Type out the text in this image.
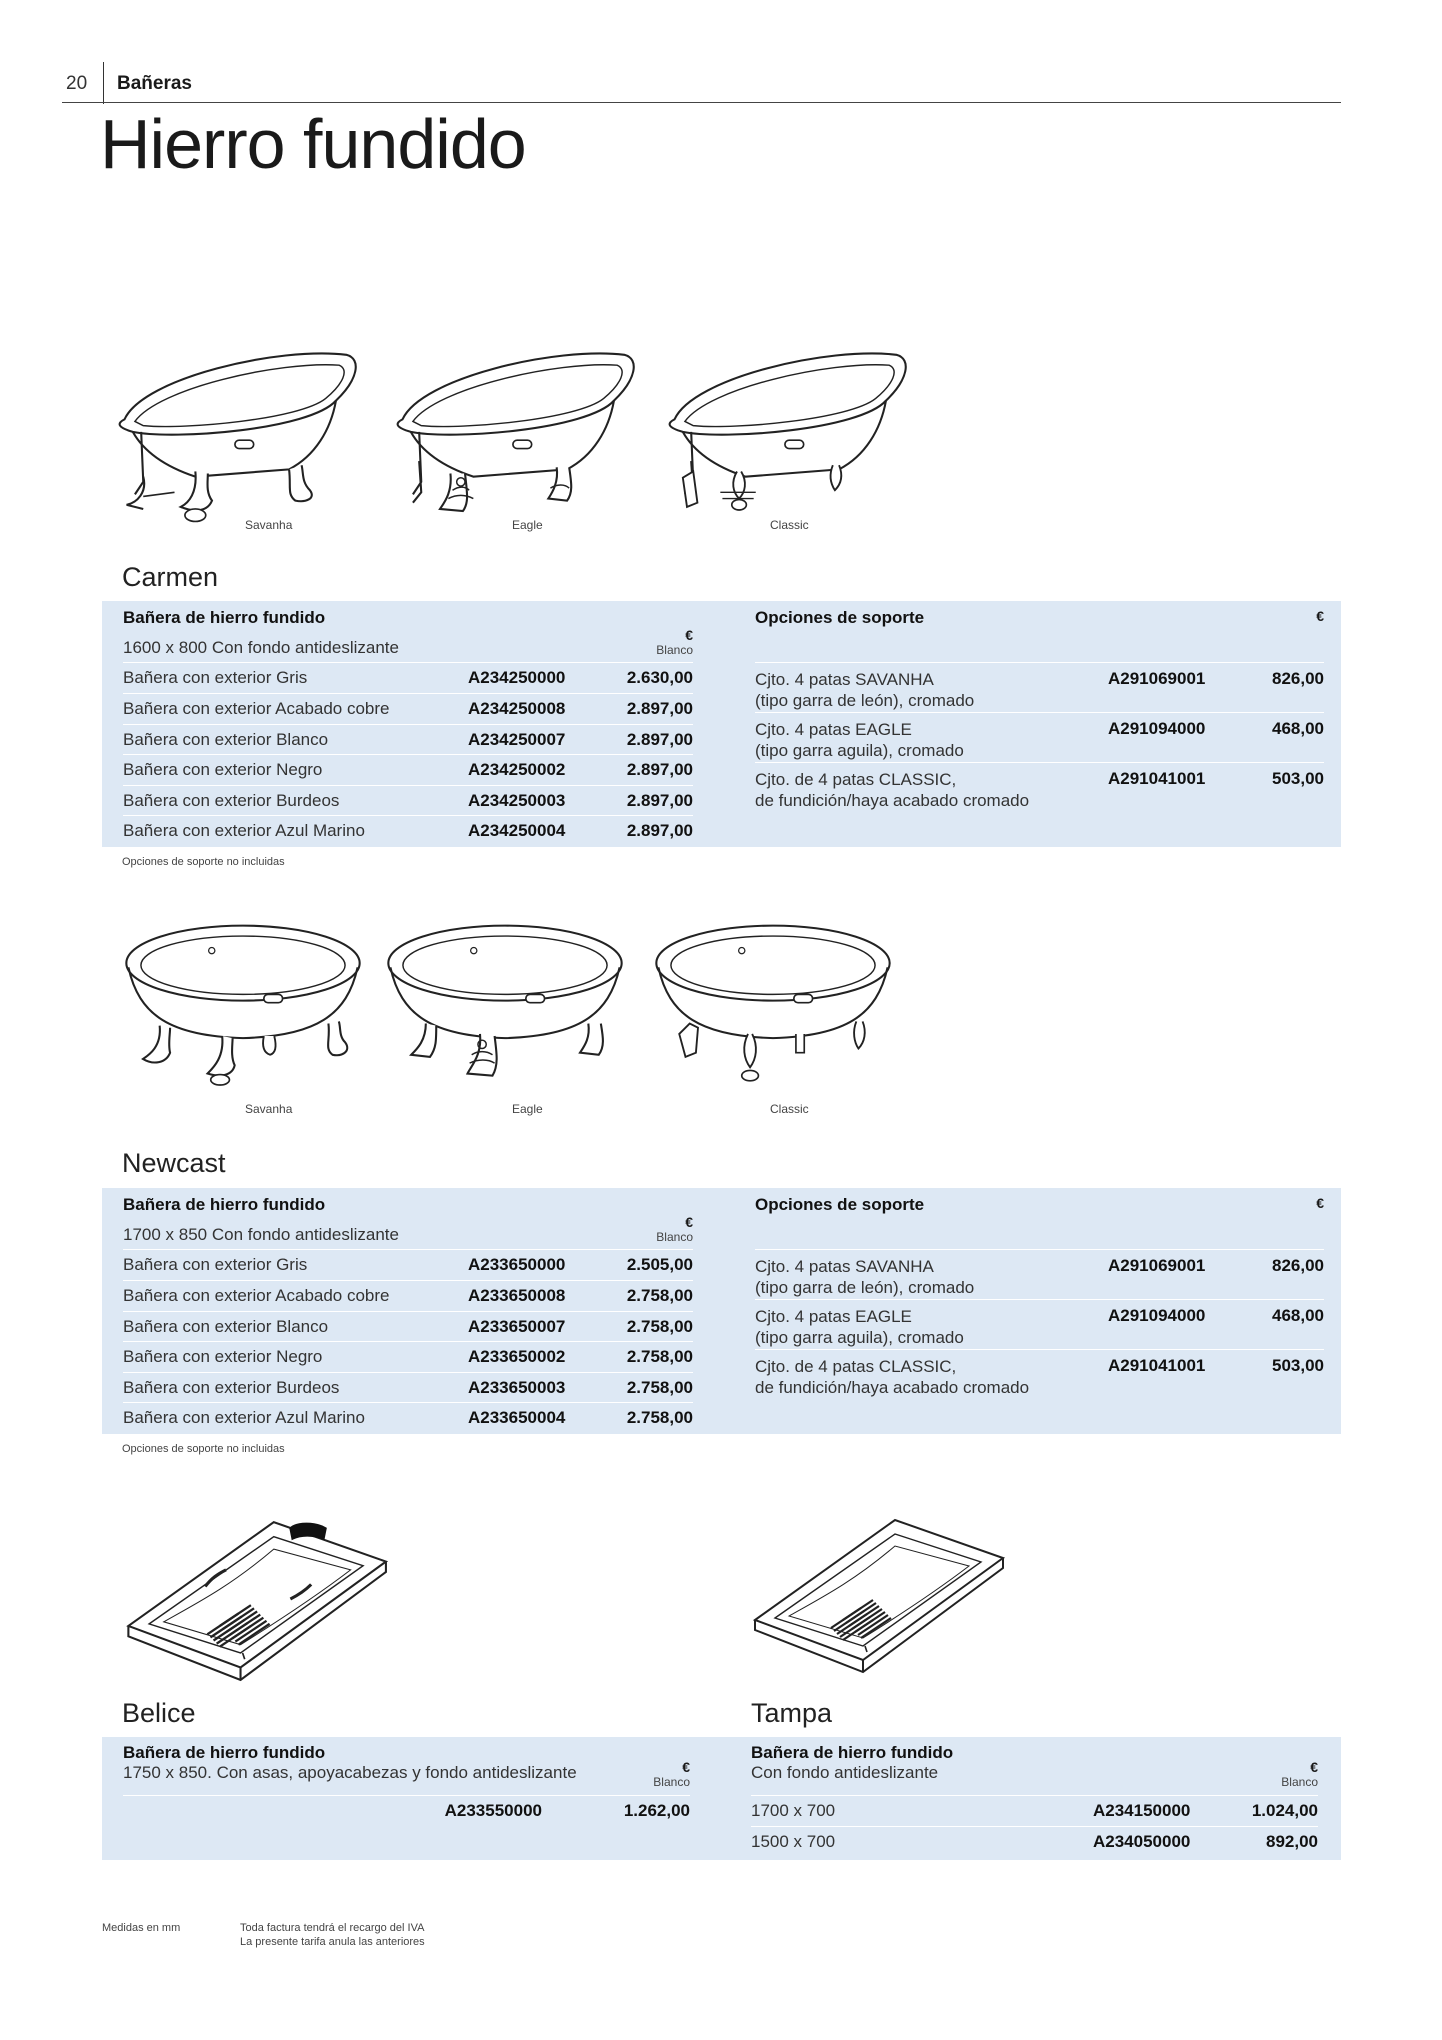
20 Bañeras
Hierro fundido
Savanha	Eagle	Classic
Carmen
Bañera de hierro fundido
1600 x 800 Con fondo antideslizante
€
Blanco
Bañera con exterior Gris	A234250000	2.630,00
Bañera con exterior Acabado cobre	A234250008	2.897,00
Bañera con exterior Blanco	A234250007	2.897,00
Bañera con exterior Negro	A234250002	2.897,00
Bañera con exterior Burdeos	A234250003	2.897,00
Bañera con exterior Azul Marino	A234250004	2.897,00
Opciones de soporte	€
Cjto. 4 patas SAVANHA
(tipo garra de león), cromado
A291069001	826,00
Cjto. 4 patas EAGLE
(tipo garra aguila), cromado
A291094000	468,00
Cjto. de 4 patas CLASSIC,
de fundición/haya acabado cromado
A291041001	503,00
Opciones de soporte no incluidas
Savanha	Eagle	Classic
Newcast
Bañera de hierro fundido
1700 x 850 Con fondo antideslizante
€
Blanco
Bañera con exterior Gris	A233650000	2.505,00
Bañera con exterior Acabado cobre	A233650008	2.758,00
Bañera con exterior Blanco	A233650007	2.758,00
Bañera con exterior Negro	A233650002	2.758,00
Bañera con exterior Burdeos	A233650003	2.758,00
Bañera con exterior Azul Marino	A233650004	2.758,00
Opciones de soporte	€
Cjto. 4 patas SAVANHA
(tipo garra de león), cromado
A291069001	826,00
Cjto. 4 patas EAGLE
(tipo garra aguila), cromado
A291094000	468,00
Cjto. de 4 patas CLASSIC,
de fundición/haya acabado cromado
A291041001	503,00
Opciones de soporte no incluidas
Belice	Tampa
Bañera de hierro fundido
1750 x 850. Con asas, apoyacabezas y fondo antideslizante	€
Blanco
A233550000	1.262,00
Bañera de hierro fundido
Con fondo antideslizante	€
Blanco
1700 x 700	A234150000	1.024,00
1500 x 700	A234050000	892,00
Medidas en mm	Toda factura tendrá el recargo del IVA
La presente tarifa anula las anteriores
